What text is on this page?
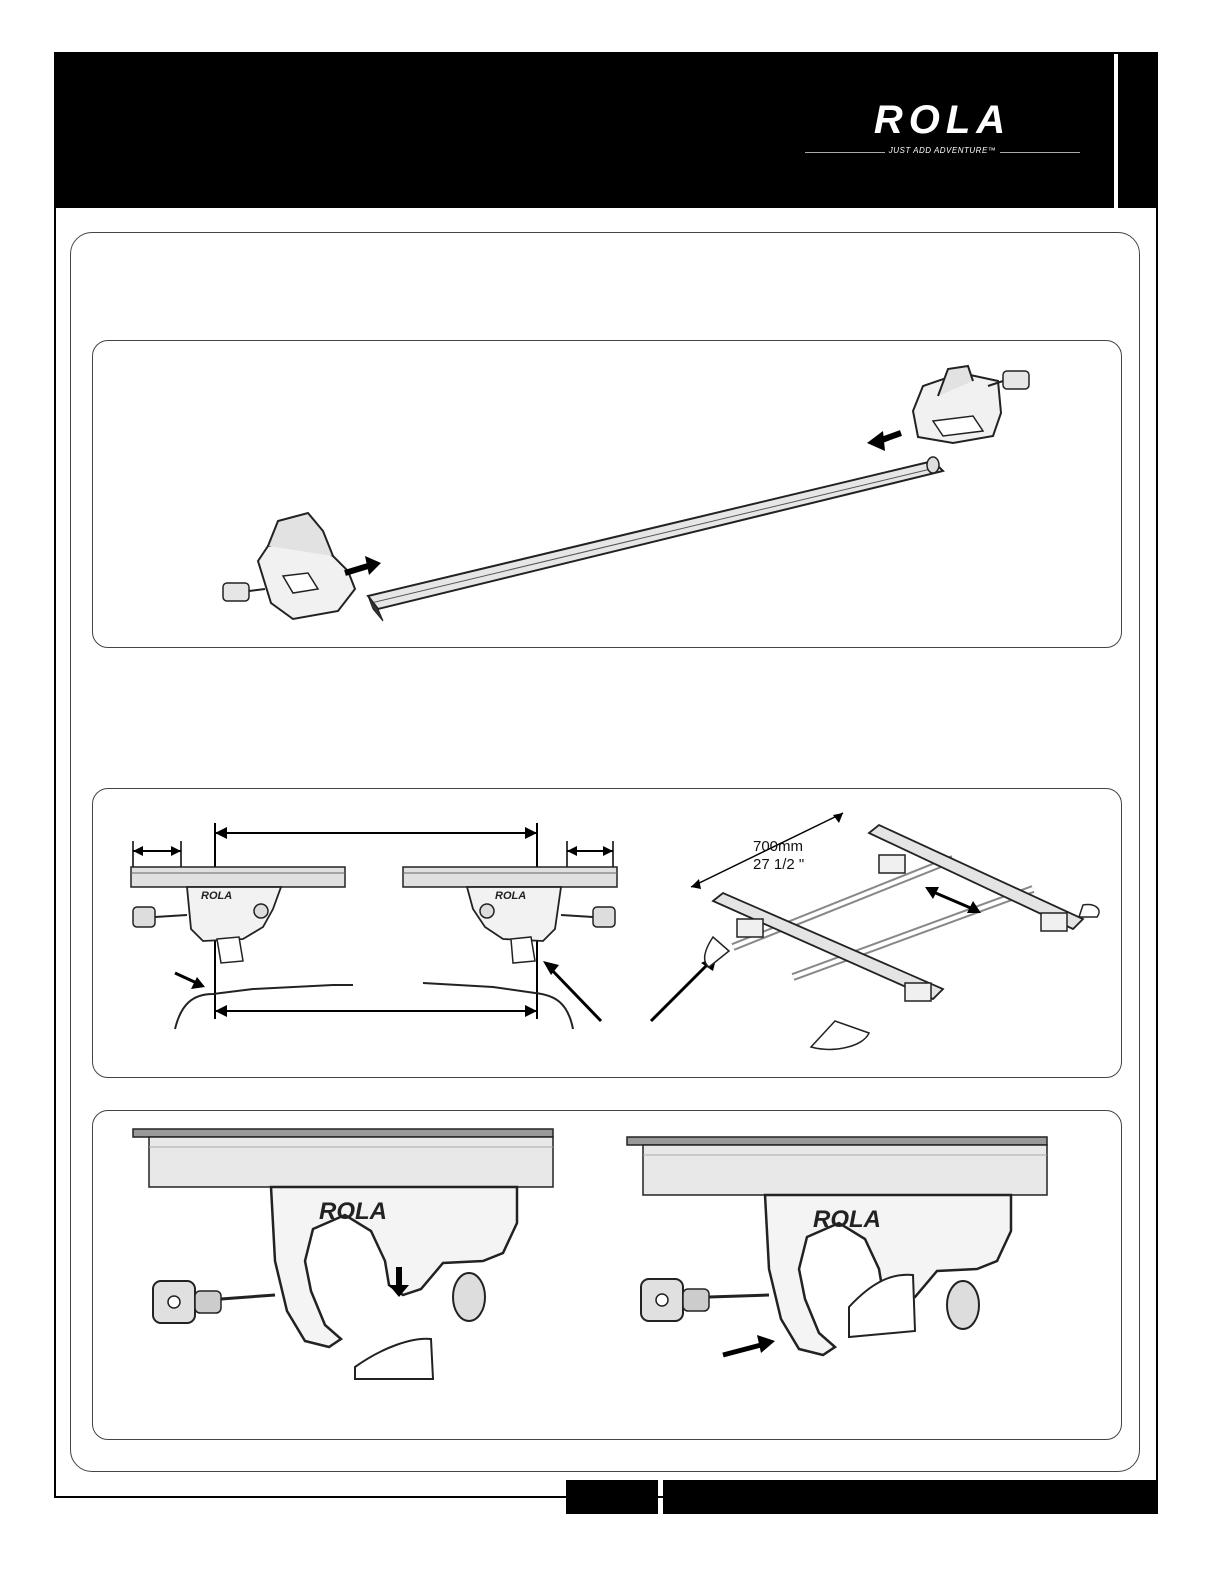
ROLA
JUST ADD ADVENTURE™
ROLA	ROLA
700mm
27 1/2 "
ROLA	ROLA
